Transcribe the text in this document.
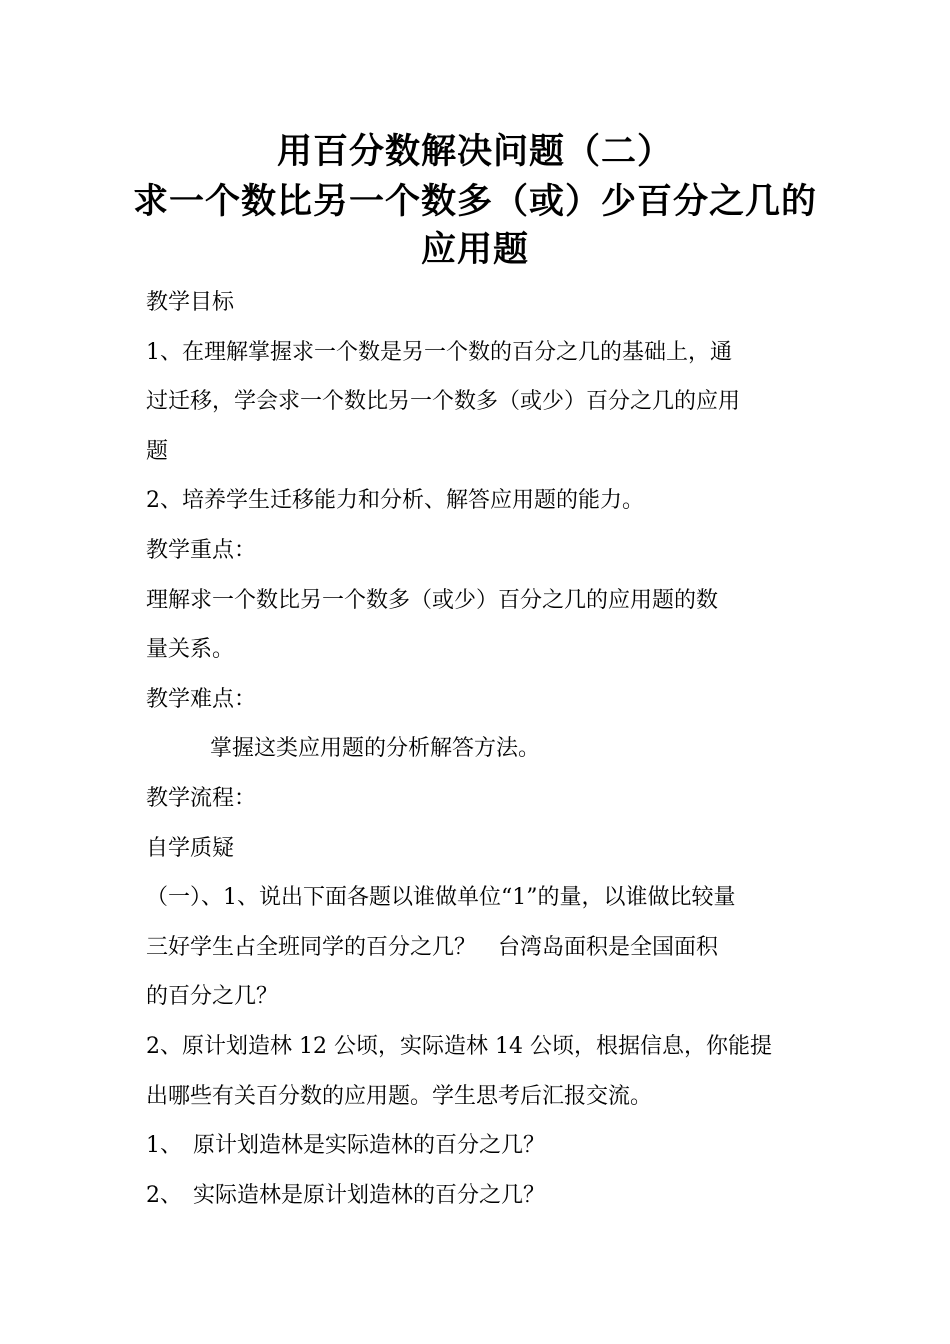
用百分数解决问题（二）
求一个数比另一个数多（或）少百分之几的
应用题
教学目标
1、在理解掌握求一个数是另一个数的百分之几的基础上，通
过迁移，学会求一个数比另一个数多（或少）百分之几的应用
题
2、培养学生迁移能力和分析、解答应用题的能力。
教学重点：
理解求一个数比另一个数多（或少）百分之几的应用题的数
量关系。
教学难点：
掌握这类应用题的分析解答方法。
教学流程：
自学质疑
（一）、1、说出下面各题以谁做单位“1”的量，以谁做比较量
三好学生占全班同学的百分之几？　台湾岛面积是全国面积
的百分之几？
2、原计划造林 12 公顷，实际造林 14 公顷，根据信息，你能提
出哪些有关百分数的应用题。学生思考后汇报交流。
1、　原计划造林是实际造林的百分之几？
2、　实际造林是原计划造林的百分之几？
